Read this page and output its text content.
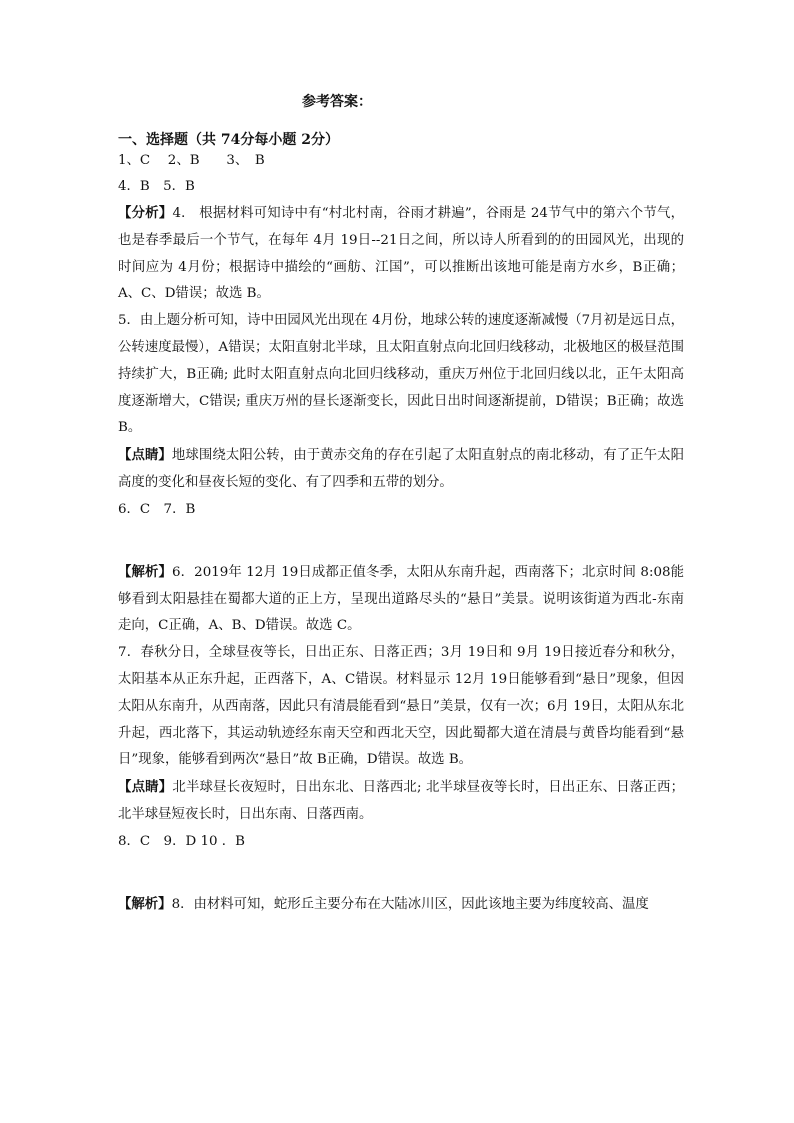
参考答案：

一、选择题（共 74分每小题 2分）

1、C　 2、B　　3、　B

4．B　5．B

【分析】4． 根据材料可知诗中有“村北村南，谷雨才耕遍”，谷雨是 24节气中的第六个节气，也是春季最后一个节气，在每年 4月 19日--21日之间，所以诗人所看到的的田园风光，出现的时间应为 4月份；根据诗中描绘的“画舫、江国”，可以推断出该地可能是南方水乡，B正确；A、C、D错误；故选 B。

5．由上题分析可知，诗中田园风光出现在 4月份，地球公转的速度逐渐减慢（7月初是远日点，公转速度最慢），A错误；太阳直射北半球，且太阳直射点向北回归线移动，北极地区的极昼范围持续扩大，B正确; 此时太阳直射点向北回归线移动，重庆万州位于北回归线以北，正午太阳高度逐渐增大，C错误; 重庆万州的昼长逐渐变长，因此日出时间逐渐提前，D错误；B正确；故选 B。

【点睛】地球围绕太阳公转，由于黄赤交角的存在引起了太阳直射点的南北移动，有了正午太阳高度的变化和昼夜长短的变化、有了四季和五带的划分。

6．C　7．B

【解析】6．2019年 12月 19日成都正值冬季，太阳从东南升起，西南落下；北京时间 8:08能够看到太阳悬挂在蜀都大道的正上方，呈现出道路尽头的“悬日”美景。说明该街道为西北-东南走向，C正确，A、B、D错误。故选 C。

7．春秋分日，全球昼夜等长，日出正东、日落正西；3月 19日和 9月 19日接近春分和秋分，太阳基本从正东升起，正西落下，A、C错误。材料显示 12月 19日能够看到“悬日”现象，但因太阳从东南升，从西南落，因此只有清晨能看到“悬日”美景，仅有一次；6月 19日，太阳从东北升起，西北落下，其运动轨迹经东南天空和西北天空，因此蜀都大道在清晨与黄昏均能看到“悬日”现象，能够看到两次“悬日”故 B正确，D错误。故选 B。

【点睛】北半球昼长夜短时，日出东北、日落西北; 北半球昼夜等长时，日出正东、日落正西；北半球昼短夜长时，日出东南、日落西南。

8．C　9．D 10 ．B

【解析】8．由材料可知，蛇形丘主要分布在大陆冰川区，因此该地主要为纬度较高、温度
